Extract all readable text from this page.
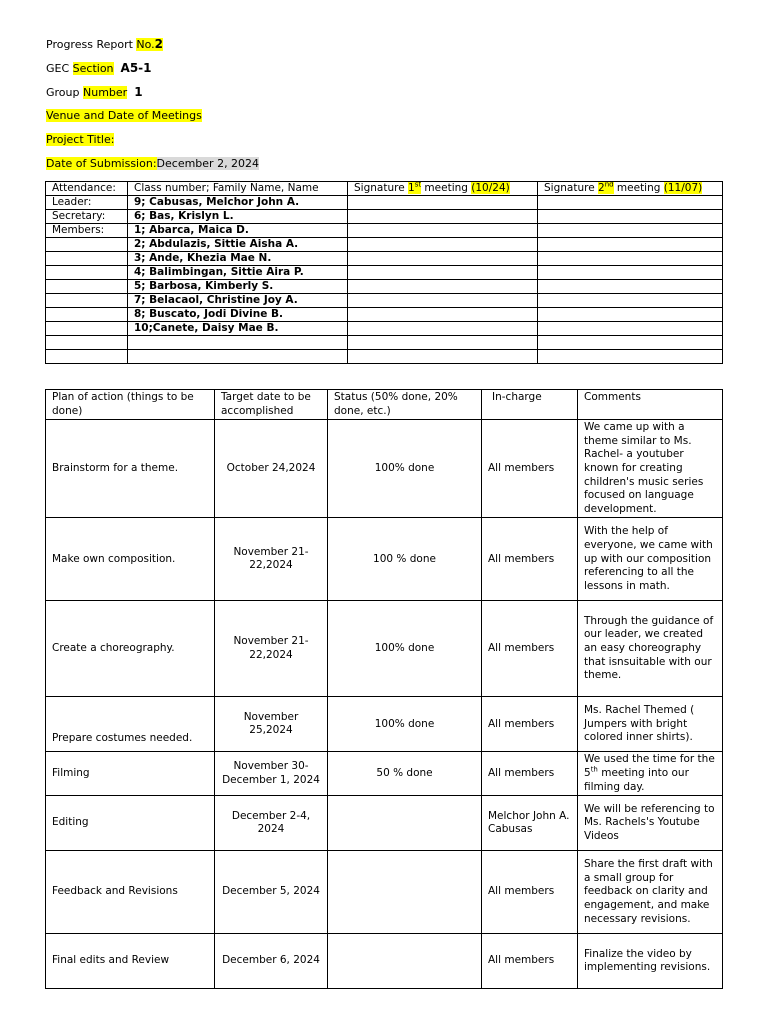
Progress Report No.2
GEC Section A5-1
Group Number 1
Venue and Date of Meetings
Project Title:
Date of Submission:December 2, 2024
Attendance:	Class number; Family Name, Name	Signature 1st meeting (10/24)	Signature 2nd meeting (11/07)
Leader:	9; Cabusas, Melchor John A.		
Secretary:	6; Bas, Krislyn L.		
Members:	1; Abarca, Maica D.		
	2; Abdulazis, Sittie Aisha A.		
	3; Ande, Khezia Mae N.		
	4; Balimbingan, Sittie Aira P.		
	5; Barbosa, Kimberly S.		
	7; Belacaol, Christine Joy A.		
	8; Buscato, Jodi Divine B.		
	10;Canete, Daisy Mae B.		

Plan of action (things to be done)	Target date to be accomplished	Status (50% done, 20% done, etc.)	In-charge	Comments
Brainstorm for a theme.	October 24,2024	100% done	All members	We came up with a theme similar to Ms. Rachel- a youtuber known for creating children's music series focused on language development.
Make own composition.	November 21-22,2024	100 % done	All members	With the help of everyone, we came with up with our composition referencing to all the lessons in math.
Create a choreography.	November 21-22,2024	100% done	All members	Through the guidance of our leader, we created an easy choreography that isnsuitable with our theme.
Prepare costumes needed.	November 25,2024	100% done	All members	Ms. Rachel Themed ( Jumpers with bright colored inner shirts).
Filming	November 30-December 1, 2024	50 % done	All members	We used the time for the 5th meeting into our filming day.
Editing	December 2-4, 2024		Melchor John A. Cabusas	We will be referencing to Ms. Rachels's Youtube Videos
Feedback and Revisions	December 5, 2024		All members	Share the first draft with a small group for feedback on clarity and engagement, and make necessary revisions.
Final edits and Review	December 6, 2024		All members	Finalize the video by implementing revisions.
